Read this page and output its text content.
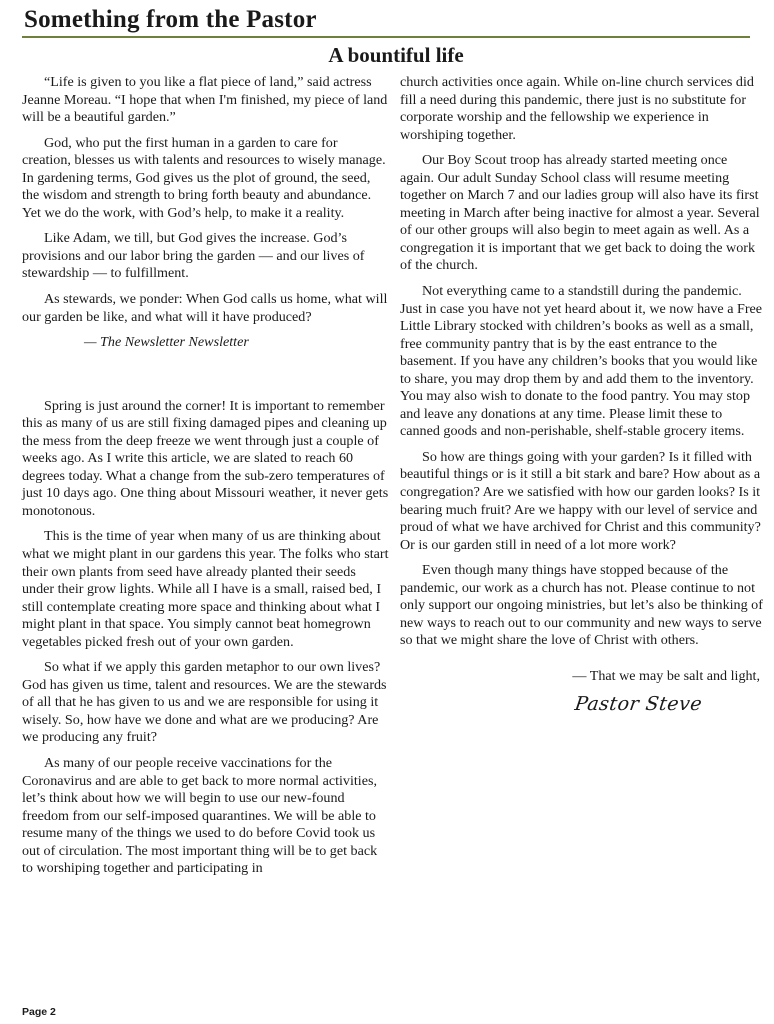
Something from the Pastor
A bountiful life

“Life is given to you like a flat piece of land,” said actress Jeanne Moreau. “I hope that when I'm finished, my piece of land will be a beautiful garden.”

God, who put the first human in a garden to care for creation, blesses us with talents and resources to wisely manage. In gardening terms, God gives us the plot of ground, the seed, the wisdom and strength to bring forth beauty and abundance. Yet we do the work, with God’s help, to make it a reality.

Like Adam, we till, but God gives the increase. God’s provisions and our labor bring the garden — and our lives of stewardship — to fulfillment.

As stewards, we ponder: When God calls us home, what will our garden be like, and what will it have produced?

— The Newsletter Newsletter

Spring is just around the corner! It is important to remember this as many of us are still fixing damaged pipes and cleaning up the mess from the deep freeze we went through just a couple of weeks ago. As I write this article, we are slated to reach 60 degrees today. What a change from the sub-zero temperatures of just 10 days ago. One thing about Missouri weather, it never gets monotonous.

This is the time of year when many of us are thinking about what we might plant in our gardens this year. The folks who start their own plants from seed have already planted their seeds under their grow lights. While all I have is a small, raised bed, I still contemplate creating more space and thinking about what I might plant in that space. You simply cannot beat homegrown vegetables picked fresh out of your own garden.

So what if we apply this garden metaphor to our own lives? God has given us time, talent and resources. We are the stewards of all that he has given to us and we are responsible for using it wisely. So, how have we done and what are we producing? Are we producing any fruit?

As many of our people receive vaccinations for the Coronavirus and are able to get back to more normal activities, let’s think about how we will begin to use our new-found freedom from our self-imposed quarantines. We will be able to resume many of the things we used to do before Covid took us out of circulation. The most important thing will be to get back to worshiping together and participating in

church activities once again. While on-line church services did fill a need during this pandemic, there just is no substitute for corporate worship and the fellowship we experience in worshiping together.

Our Boy Scout troop has already started meeting once again. Our adult Sunday School class will resume meeting together on March 7 and our ladies group will also have its first meeting in March after being inactive for almost a year. Several of our other groups will also begin to meet again as well. As a congregation it is important that we get back to doing the work of the church.

Not everything came to a standstill during the pandemic. Just in case you have not yet heard about it, we now have a Free Little Library stocked with children’s books as well as a small, free community pantry that is by the east entrance to the basement. If you have any children’s books that you would like to share, you may drop them by and add them to the inventory. You may also wish to donate to the food pantry. You may stop and leave any donations at any time. Please limit these to canned goods and non-perishable, shelf-stable grocery items.

So how are things going with your garden? Is it filled with beautiful things or is it still a bit stark and bare? How about as a congregation? Are we satisfied with how our garden looks? Is it bearing much fruit? Are we happy with our level of service and proud of what we have archived for Christ and this community? Or is our garden still in need of a lot more work?

Even though many things have stopped because of the pandemic, our work as a church has not. Please continue to not only support our ongoing ministries, but let’s also be thinking of new ways to reach out to our community and new ways to serve so that we might share the love of Christ with others.

— That we may be salt and light,
Pastor Steve
Page 2
